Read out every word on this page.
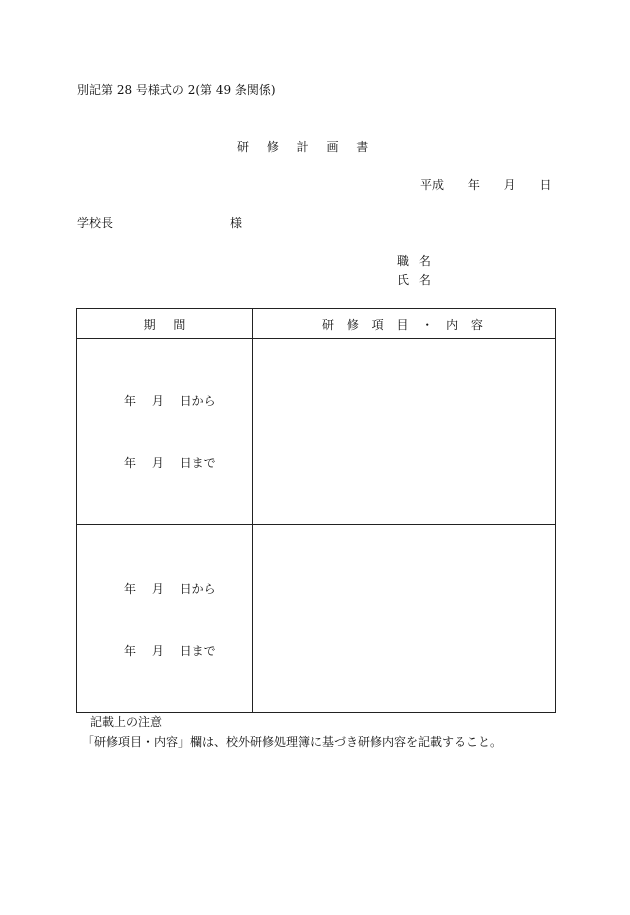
別記第 28 号様式の 2(第 49 条関係)
研 修 計 画 書
平成 年 月 日
学校長	様
職 名
氏 名
期 間	研 修 項 目 ・ 内 容
年 月 日から
年 月 日まで
年 月 日から
年 月 日まで
記載上の注意
「研修項目・内容」欄は、校外研修処理簿に基づき研修内容を記載すること。
